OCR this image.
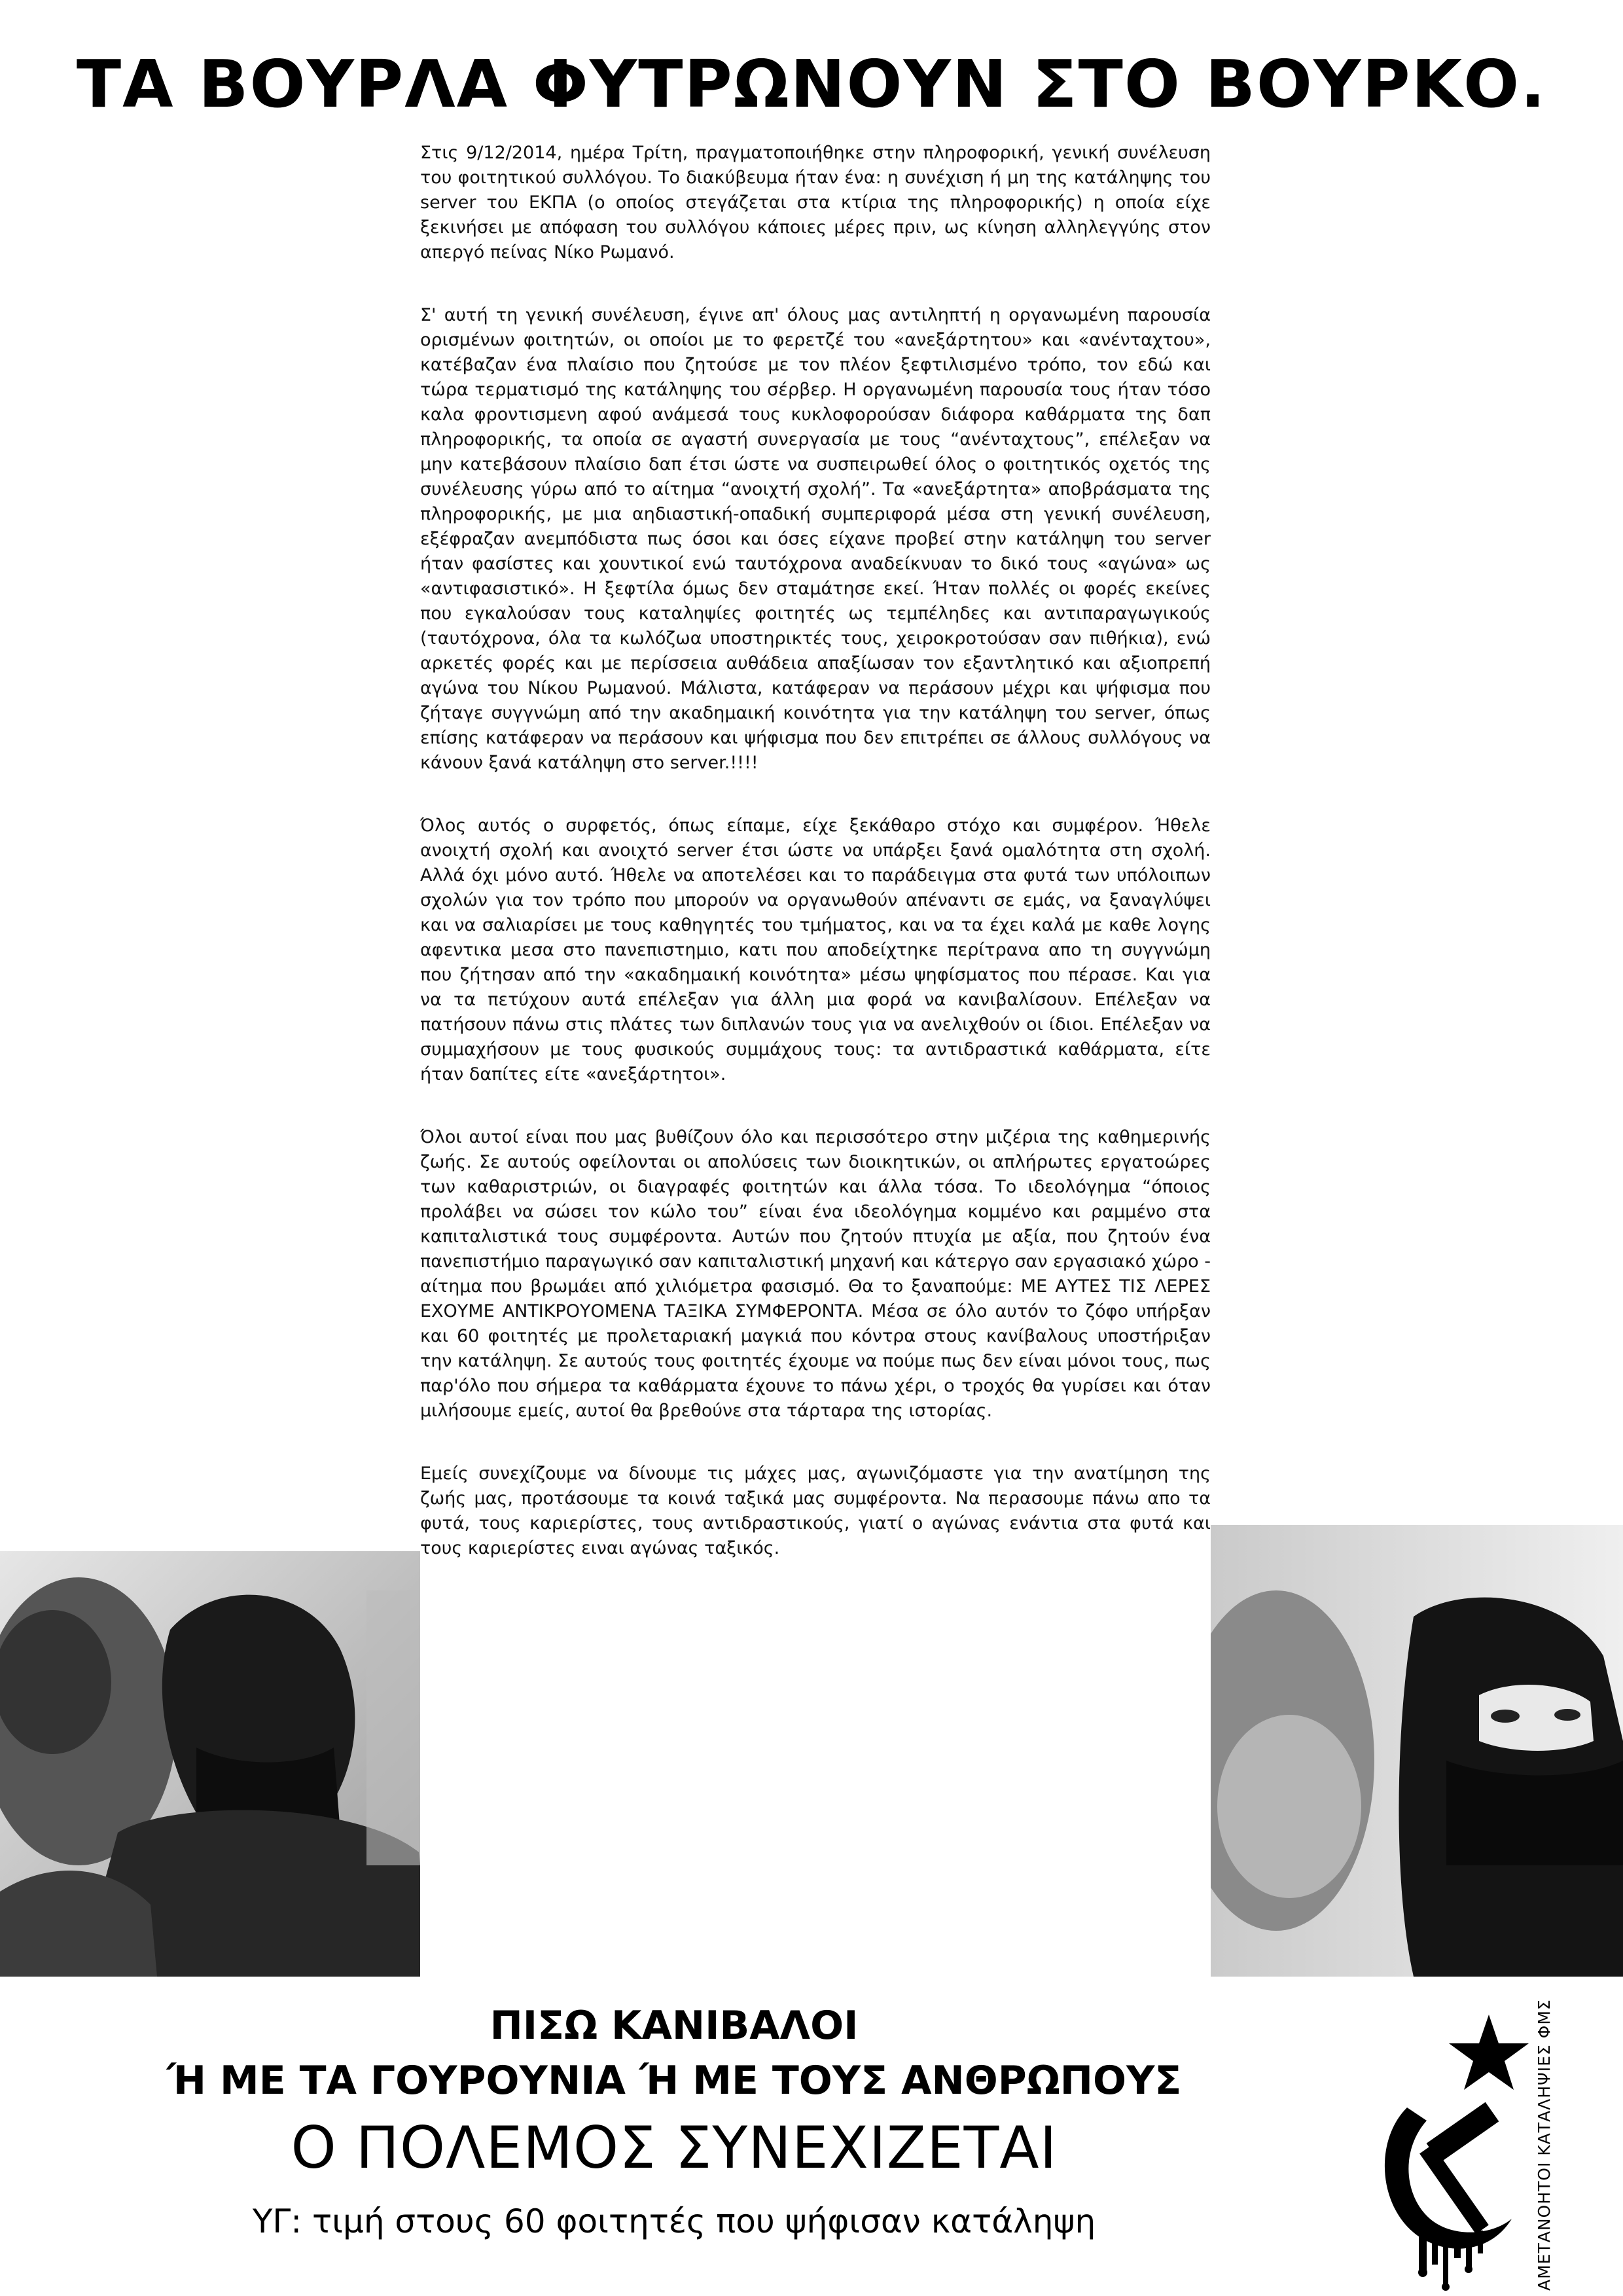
ΤΑ ΒΟΥΡΛΑ ΦΥΤΡΩΝΟΥΝ ΣΤΟ ΒΟΥΡΚΟ.

Στις 9/12/2014, ημέρα Τρίτη, πραγματοποιήθηκε στην πληροφορική, γενική συνέλευση του φοιτητικού συλλόγου. Το διακύβευμα ήταν ένα: η συνέχιση ή μη της κατάληψης του server του ΕΚΠΑ (ο οποίος στεγάζεται στα κτίρια της πληροφορικής) η οποία είχε ξεκινήσει με απόφαση του συλλόγου κάποιες μέρες πριν, ως κίνηση αλληλεγγύης στον απεργό πείνας Νίκο Ρωμανό.

Σ' αυτή τη γενική συνέλευση, έγινε απ' όλους μας αντιληπτή η οργανωμένη παρουσία ορισμένων φοιτητών, οι οποίοι με το φερετζέ του «ανεξάρτητου» και «ανένταχτου», κατέβαζαν ένα πλαίσιο που ζητούσε με τον πλέον ξεφτιλισμένο τρόπο, τον εδώ και τώρα τερματισμό της κατάληψης του σέρβερ. Η οργανωμένη παρουσία τους ήταν τόσο καλα φροντισμενη αφού ανάμεσά τους κυκλοφορούσαν διάφορα καθάρματα της δαπ πληροφορικής, τα οποία σε αγαστή συνεργασία με τους “ανένταχτους”, επέλεξαν να μην κατεβάσουν πλαίσιο δαπ έτσι ώστε να συσπειρωθεί όλος ο φοιτητικός οχετός της συνέλευσης γύρω από το αίτημα “ανοιχτή σχολή”. Τα «ανεξάρτητα» αποβράσματα της πληροφορικής, με μια αηδιαστική-οπαδική συμπεριφορά μέσα στη γενική συνέλευση, εξέφραζαν ανεμπόδιστα πως όσοι και όσες είχανε προβεί στην κατάληψη του server ήταν φασίστες και χουντικοί ενώ ταυτόχρονα αναδείκνυαν το δικό τους «αγώνα» ως «αντιφασιστικό». Η ξεφτίλα όμως δεν σταμάτησε εκεί. Ήταν πολλές οι φορές εκείνες που εγκαλούσαν τους καταληψίες φοιτητές ως τεμπέληδες και αντιπαραγωγικούς (ταυτόχρονα, όλα τα κωλόζωα υποστηρικτές τους, χειροκροτούσαν σαν πιθήκια), ενώ αρκετές φορές και με περίσσεια αυθάδεια απαξίωσαν τον εξαντλητικό και αξιοπρεπή αγώνα του Νίκου Ρωμανού. Μάλιστα, κατάφεραν να περάσουν μέχρι και ψήφισμα που ζήταγε συγγνώμη από την ακαδημαική κοινότητα για την κατάληψη του server, όπως επίσης κατάφεραν να περάσουν και ψήφισμα που δεν επιτρέπει σε άλλους συλλόγους να κάνουν ξανά κατάληψη στο server.!!!!

Όλος αυτός ο συρφετός, όπως είπαμε, είχε ξεκάθαρο στόχο και συμφέρον. Ήθελε ανοιχτή σχολή και ανοιχτό server έτσι ώστε να υπάρξει ξανά ομαλότητα στη σχολή. Αλλά όχι μόνο αυτό. Ήθελε να αποτελέσει και το παράδειγμα στα φυτά των υπόλοιπων σχολών για τον τρόπο που μπορούν να οργανωθούν απέναντι σε εμάς, να ξαναγλύψει και να σαλιαρίσει με τους καθηγητές του τμήματος, και να τα έχει καλά με καθε λογης αφεντικα μεσα στο πανεπιστημιο, κατι που αποδείχτηκε περίτρανα απο τη συγγνώμη που ζήτησαν από την «ακαδημαική κοινότητα» μέσω ψηφίσματος που πέρασε. Και για να τα πετύχουν αυτά επέλεξαν για άλλη μια φορά να κανιβαλίσουν. Επέλεξαν να πατήσουν πάνω στις πλάτες των διπλανών τους για να ανελιχθούν οι ίδιοι. Επέλεξαν να συμμαχήσουν με τους φυσικούς συμμάχους τους: τα αντιδραστικά καθάρματα, είτε ήταν δαπίτες είτε «ανεξάρτητοι».

Όλοι αυτοί είναι που μας βυθίζουν όλο και περισσότερο στην μιζέρια της καθημερινής ζωής. Σε αυτούς οφείλονται οι απολύσεις των διοικητικών, οι απλήρωτες εργατοώρες των καθαριστριών, οι διαγραφές φοιτητών και άλλα τόσα. Το ιδεολόγημα “όποιος προλάβει να σώσει τον κώλο του” είναι ένα ιδεολόγημα κομμένο και ραμμένο στα καπιταλιστικά τους συμφέροντα. Αυτών που ζητούν πτυχία με αξία, που ζητούν ένα πανεπιστήμιο παραγωγικό σαν καπιταλιστική μηχανή και κάτεργο σαν εργασιακό χώρο - αίτημα που βρωμάει από χιλιόμετρα φασισμό. Θα το ξαναπούμε: ΜΕ ΑΥΤΕΣ ΤΙΣ ΛΕΡΕΣ ΕΧΟΥΜΕ ΑΝΤΙΚΡΟΥΟΜΕΝΑ ΤΑΞΙΚΑ ΣΥΜΦΕΡΟΝΤΑ. Μέσα σε όλο αυτόν το ζόφο υπήρξαν και 60 φοιτητές με προλεταριακή μαγκιά που κόντρα στους κανίβαλους υποστήριξαν την κατάληψη. Σε αυτούς τους φοιτητές έχουμε να πούμε πως δεν είναι μόνοι τους, πως παρ'όλο που σήμερα τα καθάρματα έχουνε το πάνω χέρι, ο τροχός θα γυρίσει και όταν μιλήσουμε εμείς, αυτοί θα βρεθούνε στα τάρταρα της ιστορίας.

Εμείς συνεχίζουμε να δίνουμε τις μάχες μας, αγωνιζόμαστε για την ανατίμηση της ζωής μας, προτάσουμε τα κοινά ταξικά μας συμφέροντα. Να περασουμε πάνω απο τα φυτά, τους καριερίστες, τους αντιδραστικούς, γιατί ο αγώνας ενάντια στα φυτά και τους καριερίστες ειναι αγώνας ταξικός.

ΠΙΣΩ ΚΑΝΙΒΑΛΟΙ
Ή ΜΕ ΤΑ ΓΟΥΡΟΥΝΙΑ Ή ΜΕ ΤΟΥΣ ΑΝΘΡΩΠΟΥΣ
Ο ΠΟΛΕΜΟΣ ΣΥΝΕΧΙΖΕΤΑΙ
ΥΓ: τιμή στους 60 φοιτητές που ψήφισαν κατάληψη	ΑΜΕΤΑΝΟΗΤΟΙ ΚΑΤΑΛΗΨΙΕΣ ΦΜΣ
